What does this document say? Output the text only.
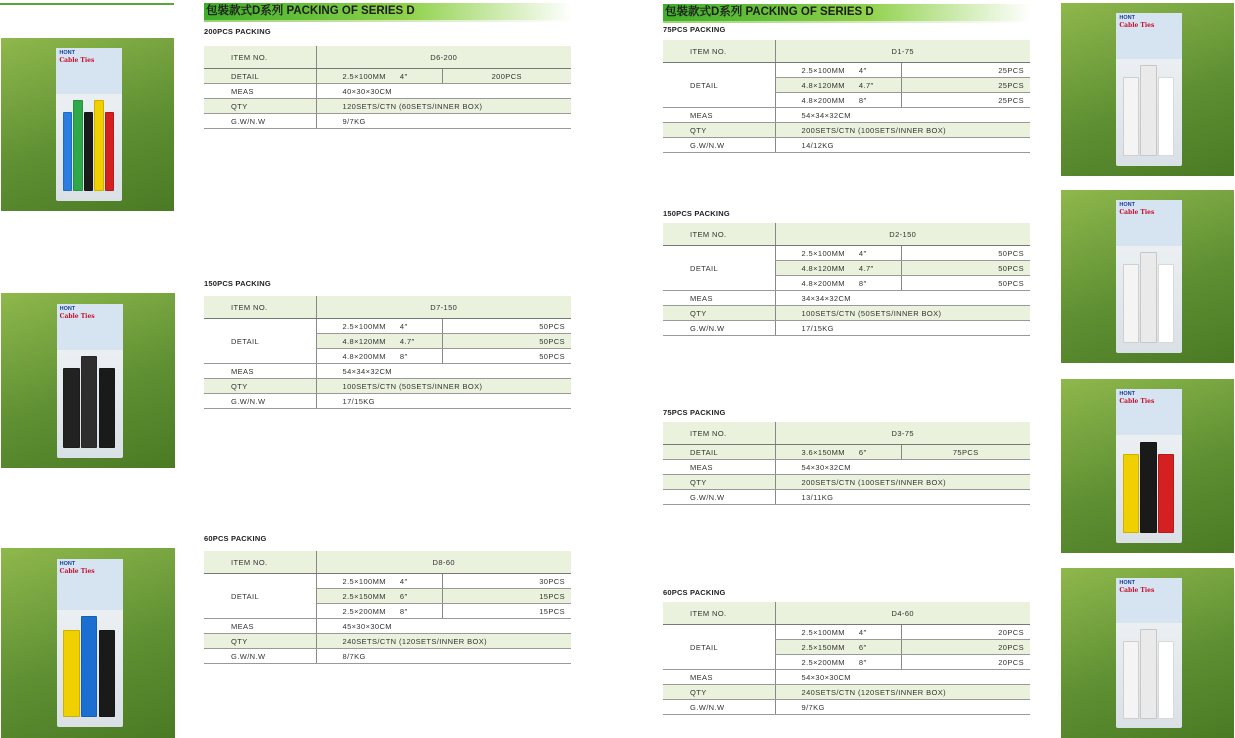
HONT
Cable Ties
HONT
Cable Ties
HONT
Cable Ties
HONT
Cable Ties
HONT
Cable Ties
HONT
Cable Ties
HONT
Cable Ties
包裝款式D系列 PACKING OF SERIES D	包裝款式D系列 PACKING OF SERIES D
200PCS PACKING
ITEM NO.	D6-200	
DETAIL	2.5×100MM 4″	200PCS
MEAS	40×30×30CM	
QTY	120SETS/CTN (60SETS/INNER BOX)	
G.W/N.W	9/7KG	
150PCS PACKING
ITEM NO.	D7-150	
DETAIL	2.5×100MM 4″	50PCS
	4.8×120MM 4.7″	50PCS
	4.8×200MM 8″	50PCS
MEAS	54×34×32CM	
QTY	100SETS/CTN (50SETS/INNER BOX)	
G.W/N.W	17/15KG	
60PCS PACKING
ITEM NO.	D8-60	
DETAIL	2.5×100MM 4″	30PCS
	2.5×150MM 6″	15PCS
	2.5×200MM 8″	15PCS
MEAS	45×30×30CM	
QTY	240SETS/CTN (120SETS/INNER BOX)	
G.W/N.W	8/7KG	
75PCS PACKING
ITEM NO.	D1-75	
DETAIL	2.5×100MM 4″	25PCS
	4.8×120MM 4.7″	25PCS
	4.8×200MM 8″	25PCS
MEAS	54×34×32CM	
QTY	200SETS/CTN (100SETS/INNER BOX)	
G.W/N.W	14/12KG	
150PCS PACKING
ITEM NO.	D2-150	
DETAIL	2.5×100MM 4″	50PCS
	4.8×120MM 4.7″	50PCS
	4.8×200MM 8″	50PCS
MEAS	34×34×32CM	
QTY	100SETS/CTN (50SETS/INNER BOX)	
G.W/N.W	17/15KG	
75PCS PACKING
ITEM NO.	D3-75	
DETAIL	3.6×150MM 6″	75PCS
MEAS	54×30×32CM	
QTY	200SETS/CTN (100SETS/INNER BOX)	
G.W/N.W	13/11KG	
60PCS PACKING
ITEM NO.	D4-60	
DETAIL	2.5×100MM 4″	20PCS
	2.5×150MM 6″	20PCS
	2.5×200MM 8″	20PCS
MEAS	54×30×30CM	
QTY	240SETS/CTN (120SETS/INNER BOX)	
G.W/N.W	9/7KG	
